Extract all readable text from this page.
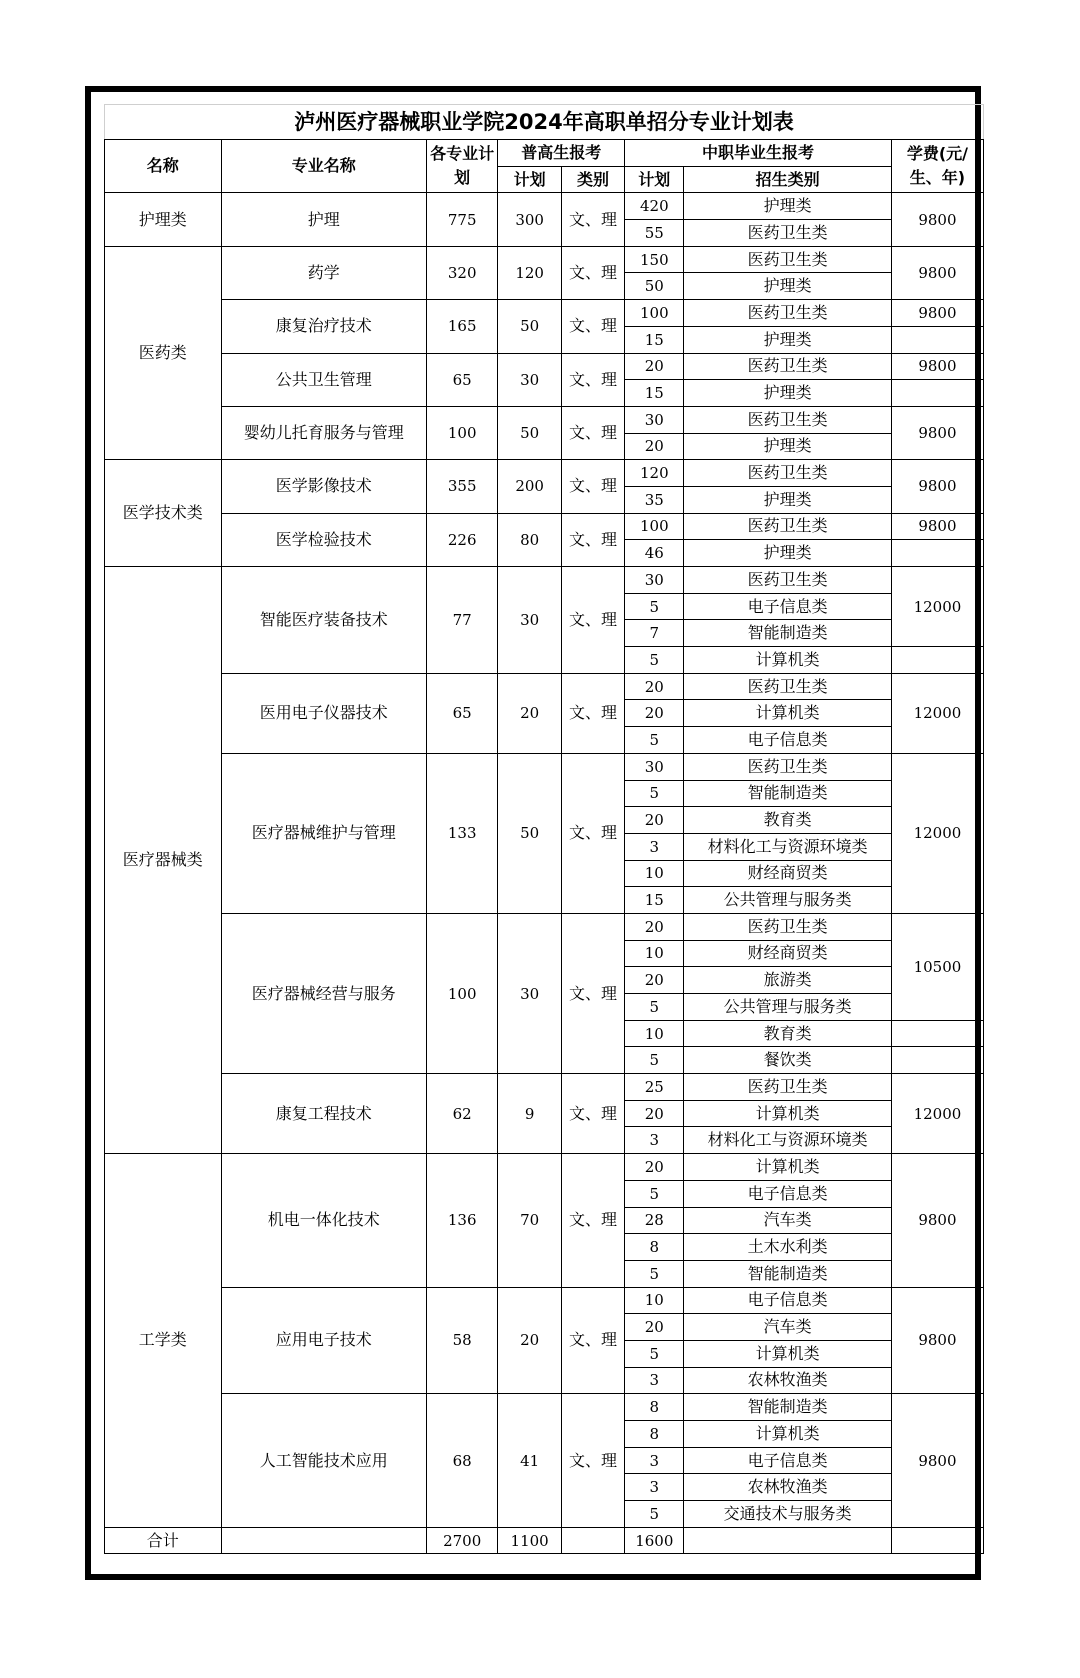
泸州医疗器械职业学院2024年高职单招分专业计划表							
名称	专业名称	各专业计划	普高生报考		中职毕业生报考		学费(元/生、年)
			计划	类别	计划	招生类别	
护理类	护理	775	300	文、理	420	护理类	9800
					55	医药卫生类	
医药类	药学	320	120	文、理	150	医药卫生类	9800
					50	护理类	
	康复治疗技术	165	50	文、理	100	医药卫生类	9800
					15	护理类	
	公共卫生管理	65	30	文、理	20	医药卫生类	9800
					15	护理类	
	婴幼儿托育服务与管理	100	50	文、理	30	医药卫生类	9800
					20	护理类	
医学技术类	医学影像技术	355	200	文、理	120	医药卫生类	9800
					35	护理类	
	医学检验技术	226	80	文、理	100	医药卫生类	9800
					46	护理类	
医疗器械类	智能医疗装备技术	77	30	文、理	30	医药卫生类	12000
					5	电子信息类	
					7	智能制造类	
					5	计算机类	
	医用电子仪器技术	65	20	文、理	20	医药卫生类	12000
					20	计算机类	
					5	电子信息类	
	医疗器械维护与管理	133	50	文、理	30	医药卫生类	12000
					5	智能制造类	
					20	教育类	
					3	材料化工与资源环境类	
					10	财经商贸类	
					15	公共管理与服务类	
	医疗器械经营与服务	100	30	文、理	20	医药卫生类	10500
					10	财经商贸类	
					20	旅游类	
					5	公共管理与服务类	
					10	教育类	
					5	餐饮类	
	康复工程技术	62	9	文、理	25	医药卫生类	12000
					20	计算机类	
					3	材料化工与资源环境类	
工学类	机电一体化技术	136	70	文、理	20	计算机类	9800
					5	电子信息类	
					28	汽车类	
					8	土木水利类	
					5	智能制造类	
	应用电子技术	58	20	文、理	10	电子信息类	9800
					20	汽车类	
					5	计算机类	
					3	农林牧渔类	
	人工智能技术应用	68	41	文、理	8	智能制造类	9800
					8	计算机类	
					3	电子信息类	
					3	农林牧渔类	
					5	交通技术与服务类	
合计		2700	1100		1600		
